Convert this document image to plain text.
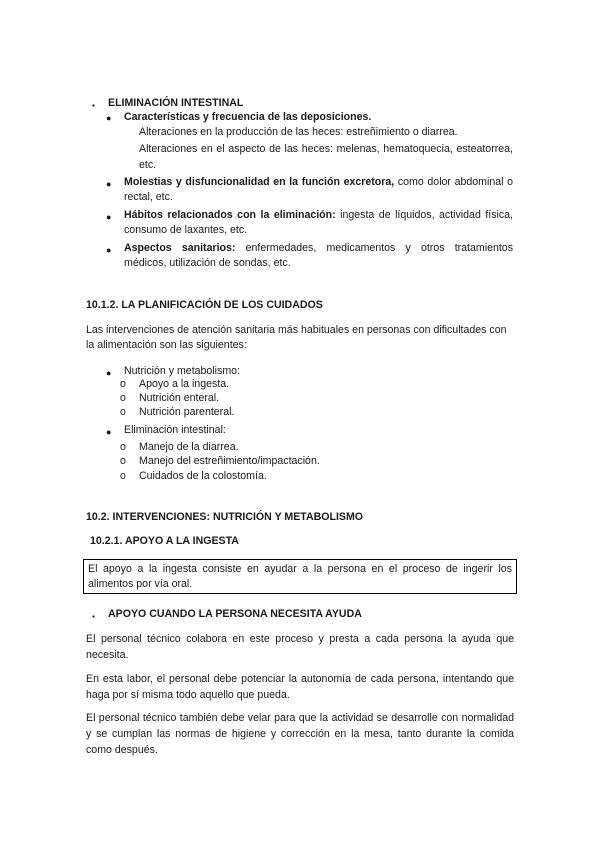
▪ ELIMINACIÓN INTESTINAL
● Características y frecuencia de las deposiciones.
Alteraciones en la producción de las heces: estreñimiento o diarrea.
Alteraciones en el aspecto de las heces: melenas, hematoquecia, esteatorrea, etc.
● Molestias y disfuncionalidad en la función excretora, como dolor abdominal o rectal, etc.
● Hábitos relacionados con la eliminación: ingesta de líquidos, actividad física, consumo de laxantes, etc.
● Aspectos sanitarios: enfermedades, medicamentos y otros tratamientos médicos, utilización de sondas, etc.
10.1.2. LA PLANIFICACIÓN DE LOS CUIDADOS
Las intervenciones de atención sanitaria más habituales en personas con dificultades con la alimentación son las siguientes:
● Nutrición y metabolismo:
o Apoyo a la ingesta.
o Nutrición enteral.
o Nutrición parenteral.
● Eliminación intestinal:
o Manejo de la diarrea.
o Manejo del estreñimiento/impactación.
o Cuidados de la colostomía.
10.2. INTERVENCIONES: NUTRICIÓN Y METABOLISMO
10.2.1. APOYO A LA INGESTA
El apoyo a la ingesta consiste en ayudar a la persona en el proceso de ingerir los alimentos por vía oral.
▪ APOYO CUANDO LA PERSONA NECESITA AYUDA
El personal técnico colabora en este proceso y presta a cada persona la ayuda que necesita.
En esta labor, el personal debe potenciar la autonomía de cada persona, intentando que haga por sí misma todo aquello que pueda.
El personal técnico también debe velar para que la actividad se desarrolle con normalidad y se cumplan las normas de higiene y corrección en la mesa, tanto durante la comida como después.
